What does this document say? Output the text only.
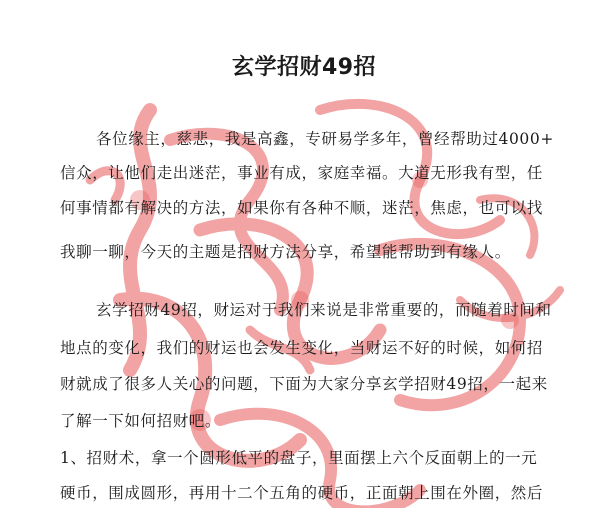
玄学招财49招
各位缘主，慈悲，我是高鑫，专研易学多年，曾经帮助过4000+
信众，让他们走出迷茫，事业有成，家庭幸福。大道无形我有型，任
何事情都有解决的方法，如果你有各种不顺，迷茫，焦虑，也可以找
我聊一聊，今天的主题是招财方法分享，希望能帮助到有缘人。
玄学招财49招，财运对于我们来说是非常重要的，而随着时间和
地点的变化，我们的财运也会发生变化，当财运不好的时候，如何招
财就成了很多人关心的问题，下面为大家分享玄学招财49招，一起来
了解一下如何招财吧。
1、招财术，拿一个圆形低平的盘子，里面摆上六个反面朝上的一元
硬币，围成圆形，再用十二个五角的硬币，正面朝上围在外圈，然后
